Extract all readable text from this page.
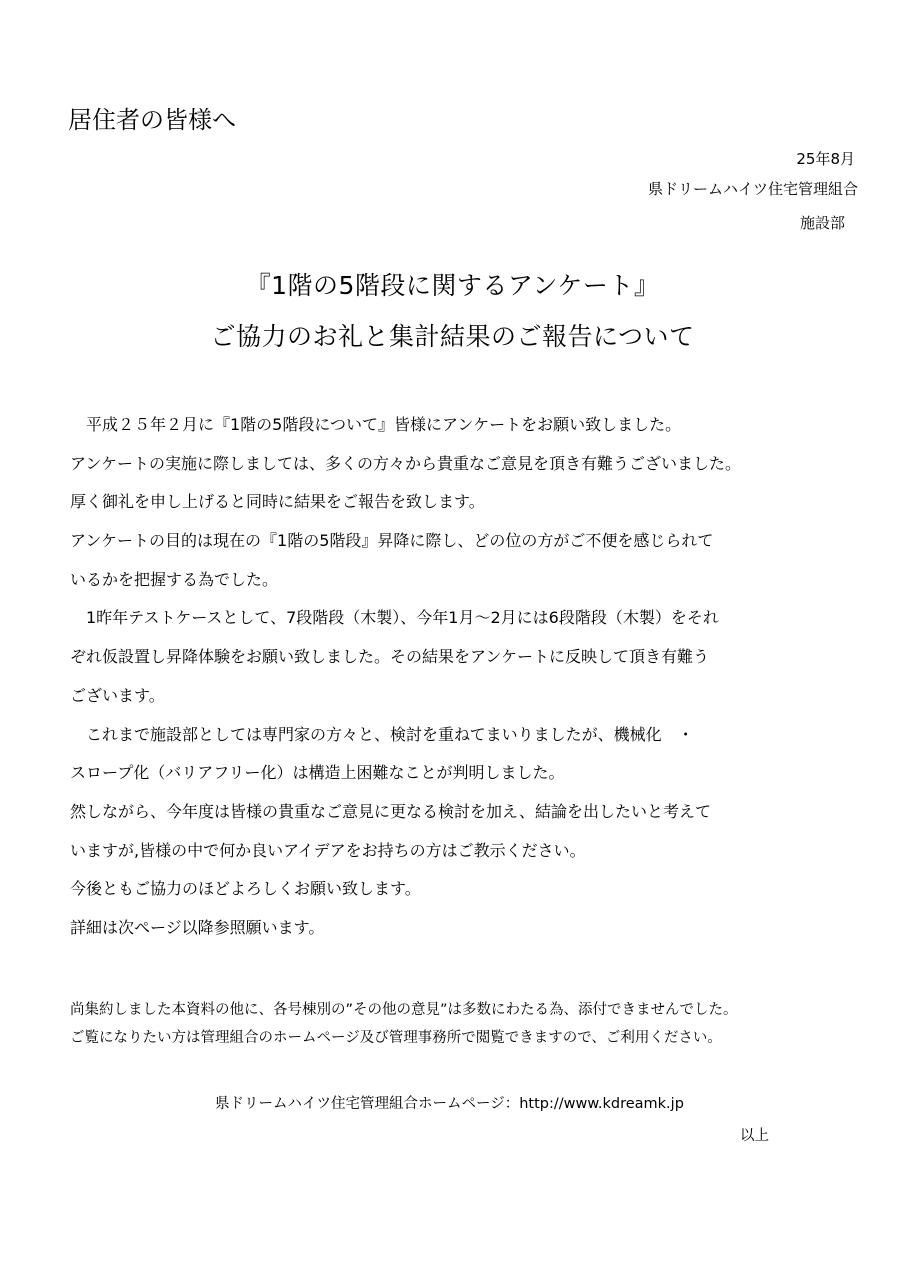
居住者の皆様へ
25年8月
県ドリームハイツ住宅管理組合
施設部
『1階の5階段に関するアンケート』
ご協力のお礼と集計結果のご報告について
　平成２５年２月に『1階の5階段について』皆様にアンケートをお願い致しました。
アンケートの実施に際しましては、多くの方々から貴重なご意見を頂き有難うございました。
厚く御礼を申し上げると同時に結果をご報告を致します。
アンケートの目的は現在の『1階の5階段』昇降に際し、どの位の方がご不便を感じられて
いるかを把握する為でした。
　1昨年テストケースとして、7段階段（木製）、今年1月～2月には6段階段（木製）をそれ
ぞれ仮設置し昇降体験をお願い致しました。その結果をアンケートに反映して頂き有難う
ございます。
　これまで施設部としては専門家の方々と、検討を重ねてまいりましたが、機械化　・
スロープ化（バリアフリー化）は構造上困難なことが判明しました。
然しながら、今年度は皆様の貴重なご意見に更なる検討を加え、結論を出したいと考えて
いますが,皆様の中で何か良いアイデアをお持ちの方はご教示ください。
今後ともご協力のほどよろしくお願い致します。
詳細は次ページ以降参照願います。
尚集約しました本資料の他に、各号棟別の”その他の意見”は多数にわたる為、添付できませんでした。
ご覧になりたい方は管理組合のホームページ及び管理事務所で閲覧できますので、ご利用ください。
県ドリームハイツ住宅管理組合ホームページ：http://www.kdreamk.jp
以上
